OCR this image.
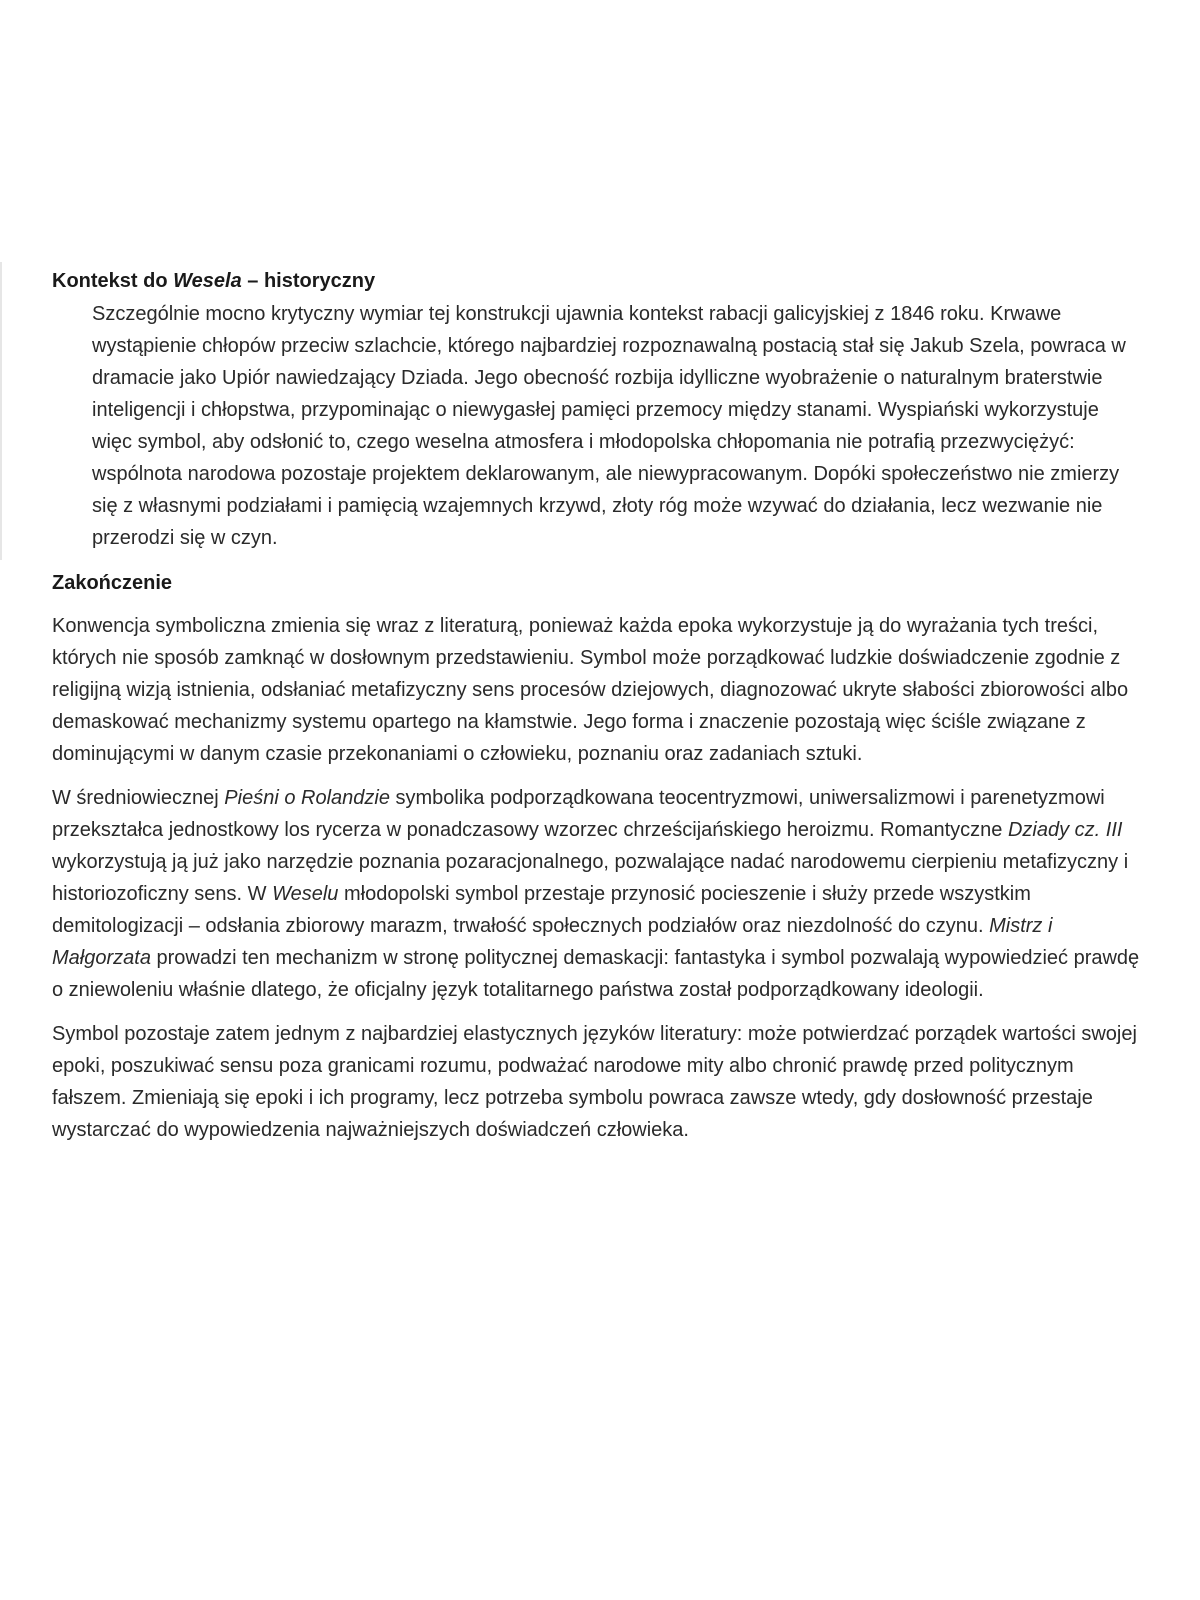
Kontekst do Wesela – historyczny

Szczególnie mocno krytyczny wymiar tej konstrukcji ujawnia kontekst rabacji galicyjskiej z 1846 roku. Krwawe wystąpienie chłopów przeciw szlachcie, którego najbardziej rozpoznawalną postacią stał się Jakub Szela, powraca w dramacie jako Upiór nawiedzający Dziada. Jego obecność rozbija idylliczne wyobrażenie o naturalnym braterstwie inteligencji i chłopstwa, przypominając o niewygasłej pamięci przemocy między stanami. Wyspiański wykorzystuje więc symbol, aby odsłonić to, czego weselna atmosfera i młodopolska chłopomania nie potrafią przezwyciężyć: wspólnota narodowa pozostaje projektem deklarowanym, ale niewypracowanym. Dopóki społeczeństwo nie zmierzy się z własnymi podziałami i pamięcią wzajemnych krzywd, złoty róg może wzywać do działania, lecz wezwanie nie przerodzi się w czyn.

Zakończenie

Konwencja symboliczna zmienia się wraz z literaturą, ponieważ każda epoka wykorzystuje ją do wyrażania tych treści, których nie sposób zamknąć w dosłownym przedstawieniu. Symbol może porządkować ludzkie doświadczenie zgodnie z religijną wizją istnienia, odsłaniać metafizyczny sens procesów dziejowych, diagnozować ukryte słabości zbiorowości albo demaskować mechanizmy systemu opartego na kłamstwie. Jego forma i znaczenie pozostają więc ściśle związane z dominującymi w danym czasie przekonaniami o człowieku, poznaniu oraz zadaniach sztuki.

W średniowiecznej Pieśni o Rolandzie symbolika podporządkowana teocentryzmowi, uniwersalizmowi i parenetyzmowi przekształca jednostkowy los rycerza w ponadczasowy wzorzec chrześcijańskiego heroizmu. Romantyczne Dziady cz. III wykorzystują ją już jako narzędzie poznania pozaracjonalnego, pozwalające nadać narodowemu cierpieniu metafizyczny i historiozoficzny sens. W Weselu młodopolski symbol przestaje przynosić pocieszenie i służy przede wszystkim demitologizacji – odsłania zbiorowy marazm, trwałość społecznych podziałów oraz niezdolność do czynu. Mistrz i Małgorzata prowadzi ten mechanizm w stronę politycznej demaskacji: fantastyka i symbol pozwalają wypowiedzieć prawdę o zniewoleniu właśnie dlatego, że oficjalny język totalitarnego państwa został podporządkowany ideologii.

Symbol pozostaje zatem jednym z najbardziej elastycznych języków literatury: może potwierdzać porządek wartości swojej epoki, poszukiwać sensu poza granicami rozumu, podważać narodowe mity albo chronić prawdę przed politycznym fałszem. Zmieniają się epoki i ich programy, lecz potrzeba symbolu powraca zawsze wtedy, gdy dosłowność przestaje wystarczać do wypowiedzenia najważniejszych doświadczeń człowieka.
